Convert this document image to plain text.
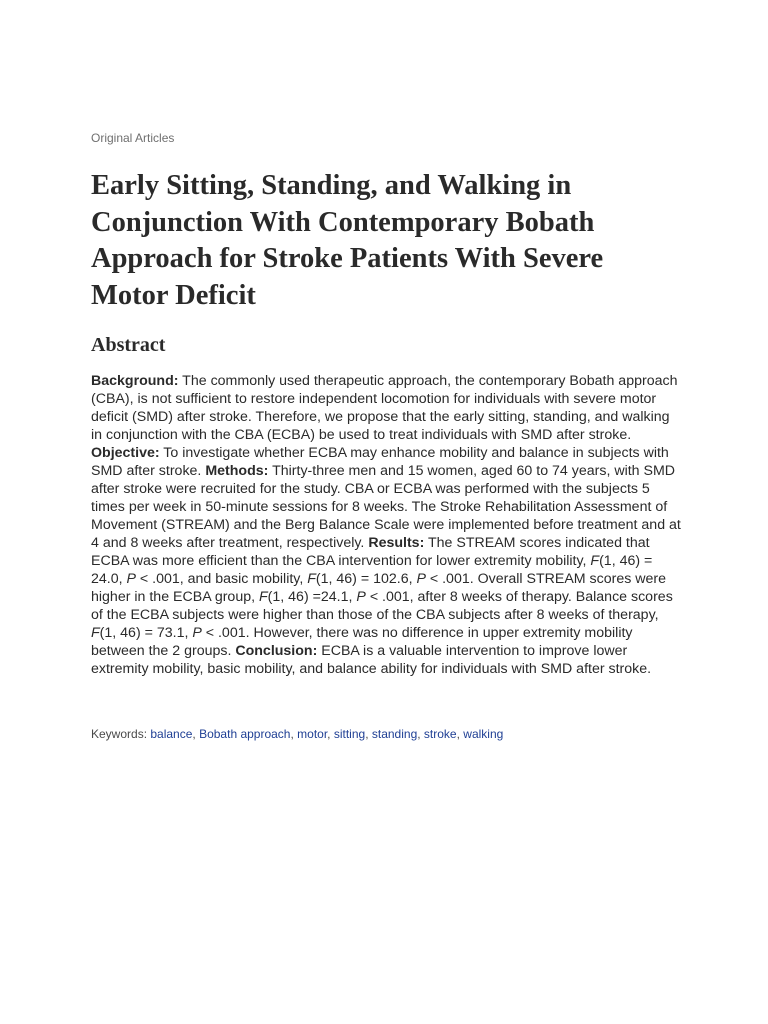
Original Articles
Early Sitting, Standing, and Walking in Conjunction With Contemporary Bobath Approach for Stroke Patients With Severe Motor Deficit
Abstract

Background: The commonly used therapeutic approach, the contemporary Bobath approach (CBA), is not sufficient to restore independent locomotion for individuals with severe motor deficit (SMD) after stroke. Therefore, we propose that the early sitting, standing, and walking in conjunction with the CBA (ECBA) be used to treat individuals with SMD after stroke. Objective: To investigate whether ECBA may enhance mobility and balance in subjects with SMD after stroke. Methods: Thirty-three men and 15 women, aged 60 to 74 years, with SMD after stroke were recruited for the study. CBA or ECBA was performed with the subjects 5 times per week in 50-minute sessions for 8 weeks. The Stroke Rehabilitation Assessment of Movement (STREAM) and the Berg Balance Scale were implemented before treatment and at 4 and 8 weeks after treatment, respectively. Results: The STREAM scores indicated that ECBA was more efficient than the CBA intervention for lower extremity mobility, F(1, 46) = 24.0, P < .001, and basic mobility, F(1, 46) = 102.6, P < .001. Overall STREAM scores were higher in the ECBA group, F(1, 46) =24.1, P < .001, after 8 weeks of therapy. Balance scores of the ECBA subjects were higher than those of the CBA subjects after 8 weeks of therapy, F(1, 46) = 73.1, P < .001. However, there was no difference in upper extremity mobility between the 2 groups. Conclusion: ECBA is a valuable intervention to improve lower extremity mobility, basic mobility, and balance ability for individuals with SMD after stroke.

Keywords: balance, Bobath approach, motor, sitting, standing, stroke, walking
